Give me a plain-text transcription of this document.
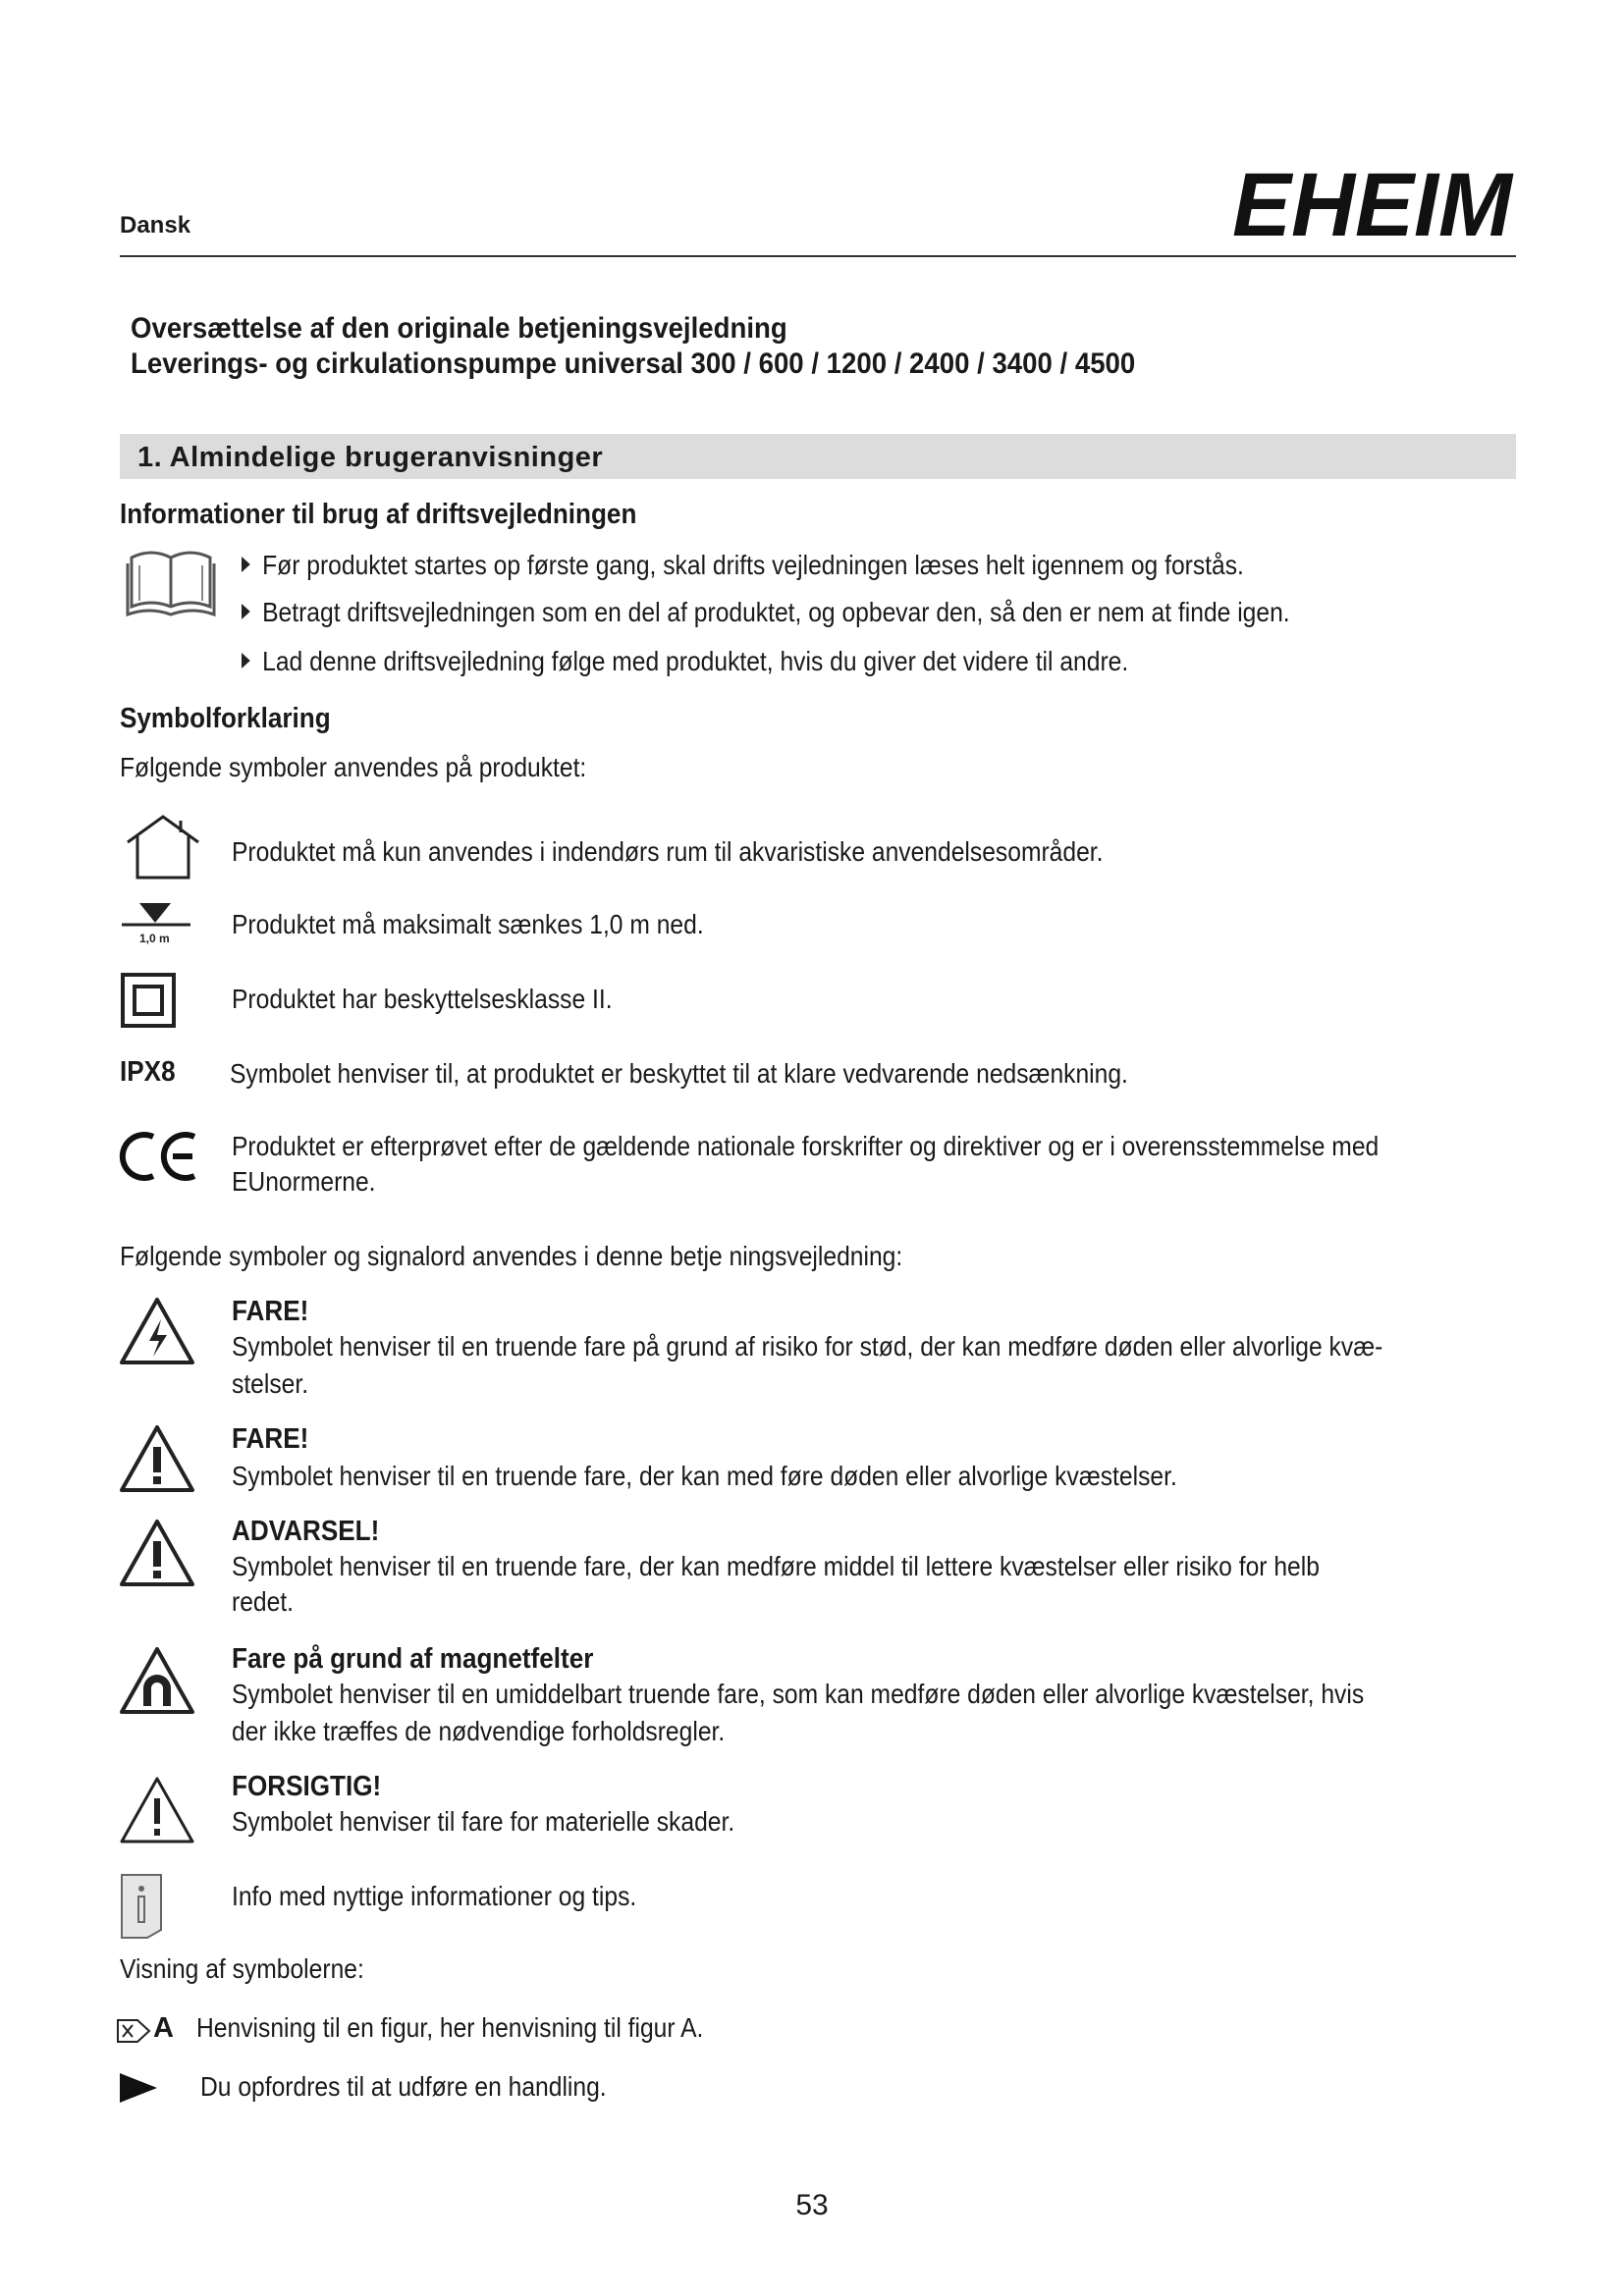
Dansk	EHEIM
Oversættelse af den originale betjeningsvejledning
Leverings- og cirkulationspumpe universal 300 / 600 / 1200 / 2400 / 3400 / 4500
1. Almindelige brugeranvisninger
Informationer til brug af driftsvejledningen
Før produktet startes op første gang, skal drifts vejledningen læses helt igennem og forstås.
Betragt driftsvejledningen som en del af produktet, og opbevar den, så den er nem at finde igen.
Lad denne driftsvejledning følge med produktet, hvis du giver det videre til andre.
Symbolforklaring
Følgende symboler anvendes på produktet:
Produktet må kun anvendes i indendørs rum til akvaristiske anvendelsesområder.
1,0 m Produktet må maksimalt sænkes 1,0 m ned.
Produktet har beskyttelsesklasse II.
IPX8 Symbolet henviser til, at produktet er beskyttet til at klare vedvarende nedsænkning.
Produktet er efterprøvet efter de gældende nationale forskrifter og direktiver og er i overensstemmelse med
EUnormerne.
Følgende symboler og signalord anvendes i denne betje ningsvejledning:
FARE!
Symbolet henviser til en truende fare på grund af risiko for stød, der kan medføre døden eller alvorlige kvæ-
stelser.
FARE!
Symbolet henviser til en truende fare, der kan med føre døden eller alvorlige kvæstelser.
ADVARSEL!
Symbolet henviser til en truende fare, der kan medføre middel til lettere kvæstelser eller risiko for helb
redet.
Fare på grund af magnetfelter
Symbolet henviser til en umiddelbart truende fare, som kan medføre døden eller alvorlige kvæstelser, hvis
der ikke træffes de nødvendige forholdsregler.
FORSIGTIG!
Symbolet henviser til fare for materielle skader.
Info med nyttige informationer og tips.
Visning af symbolerne:
A Henvisning til en figur, her henvisning til figur A.
Du opfordres til at udføre en handling.
53
